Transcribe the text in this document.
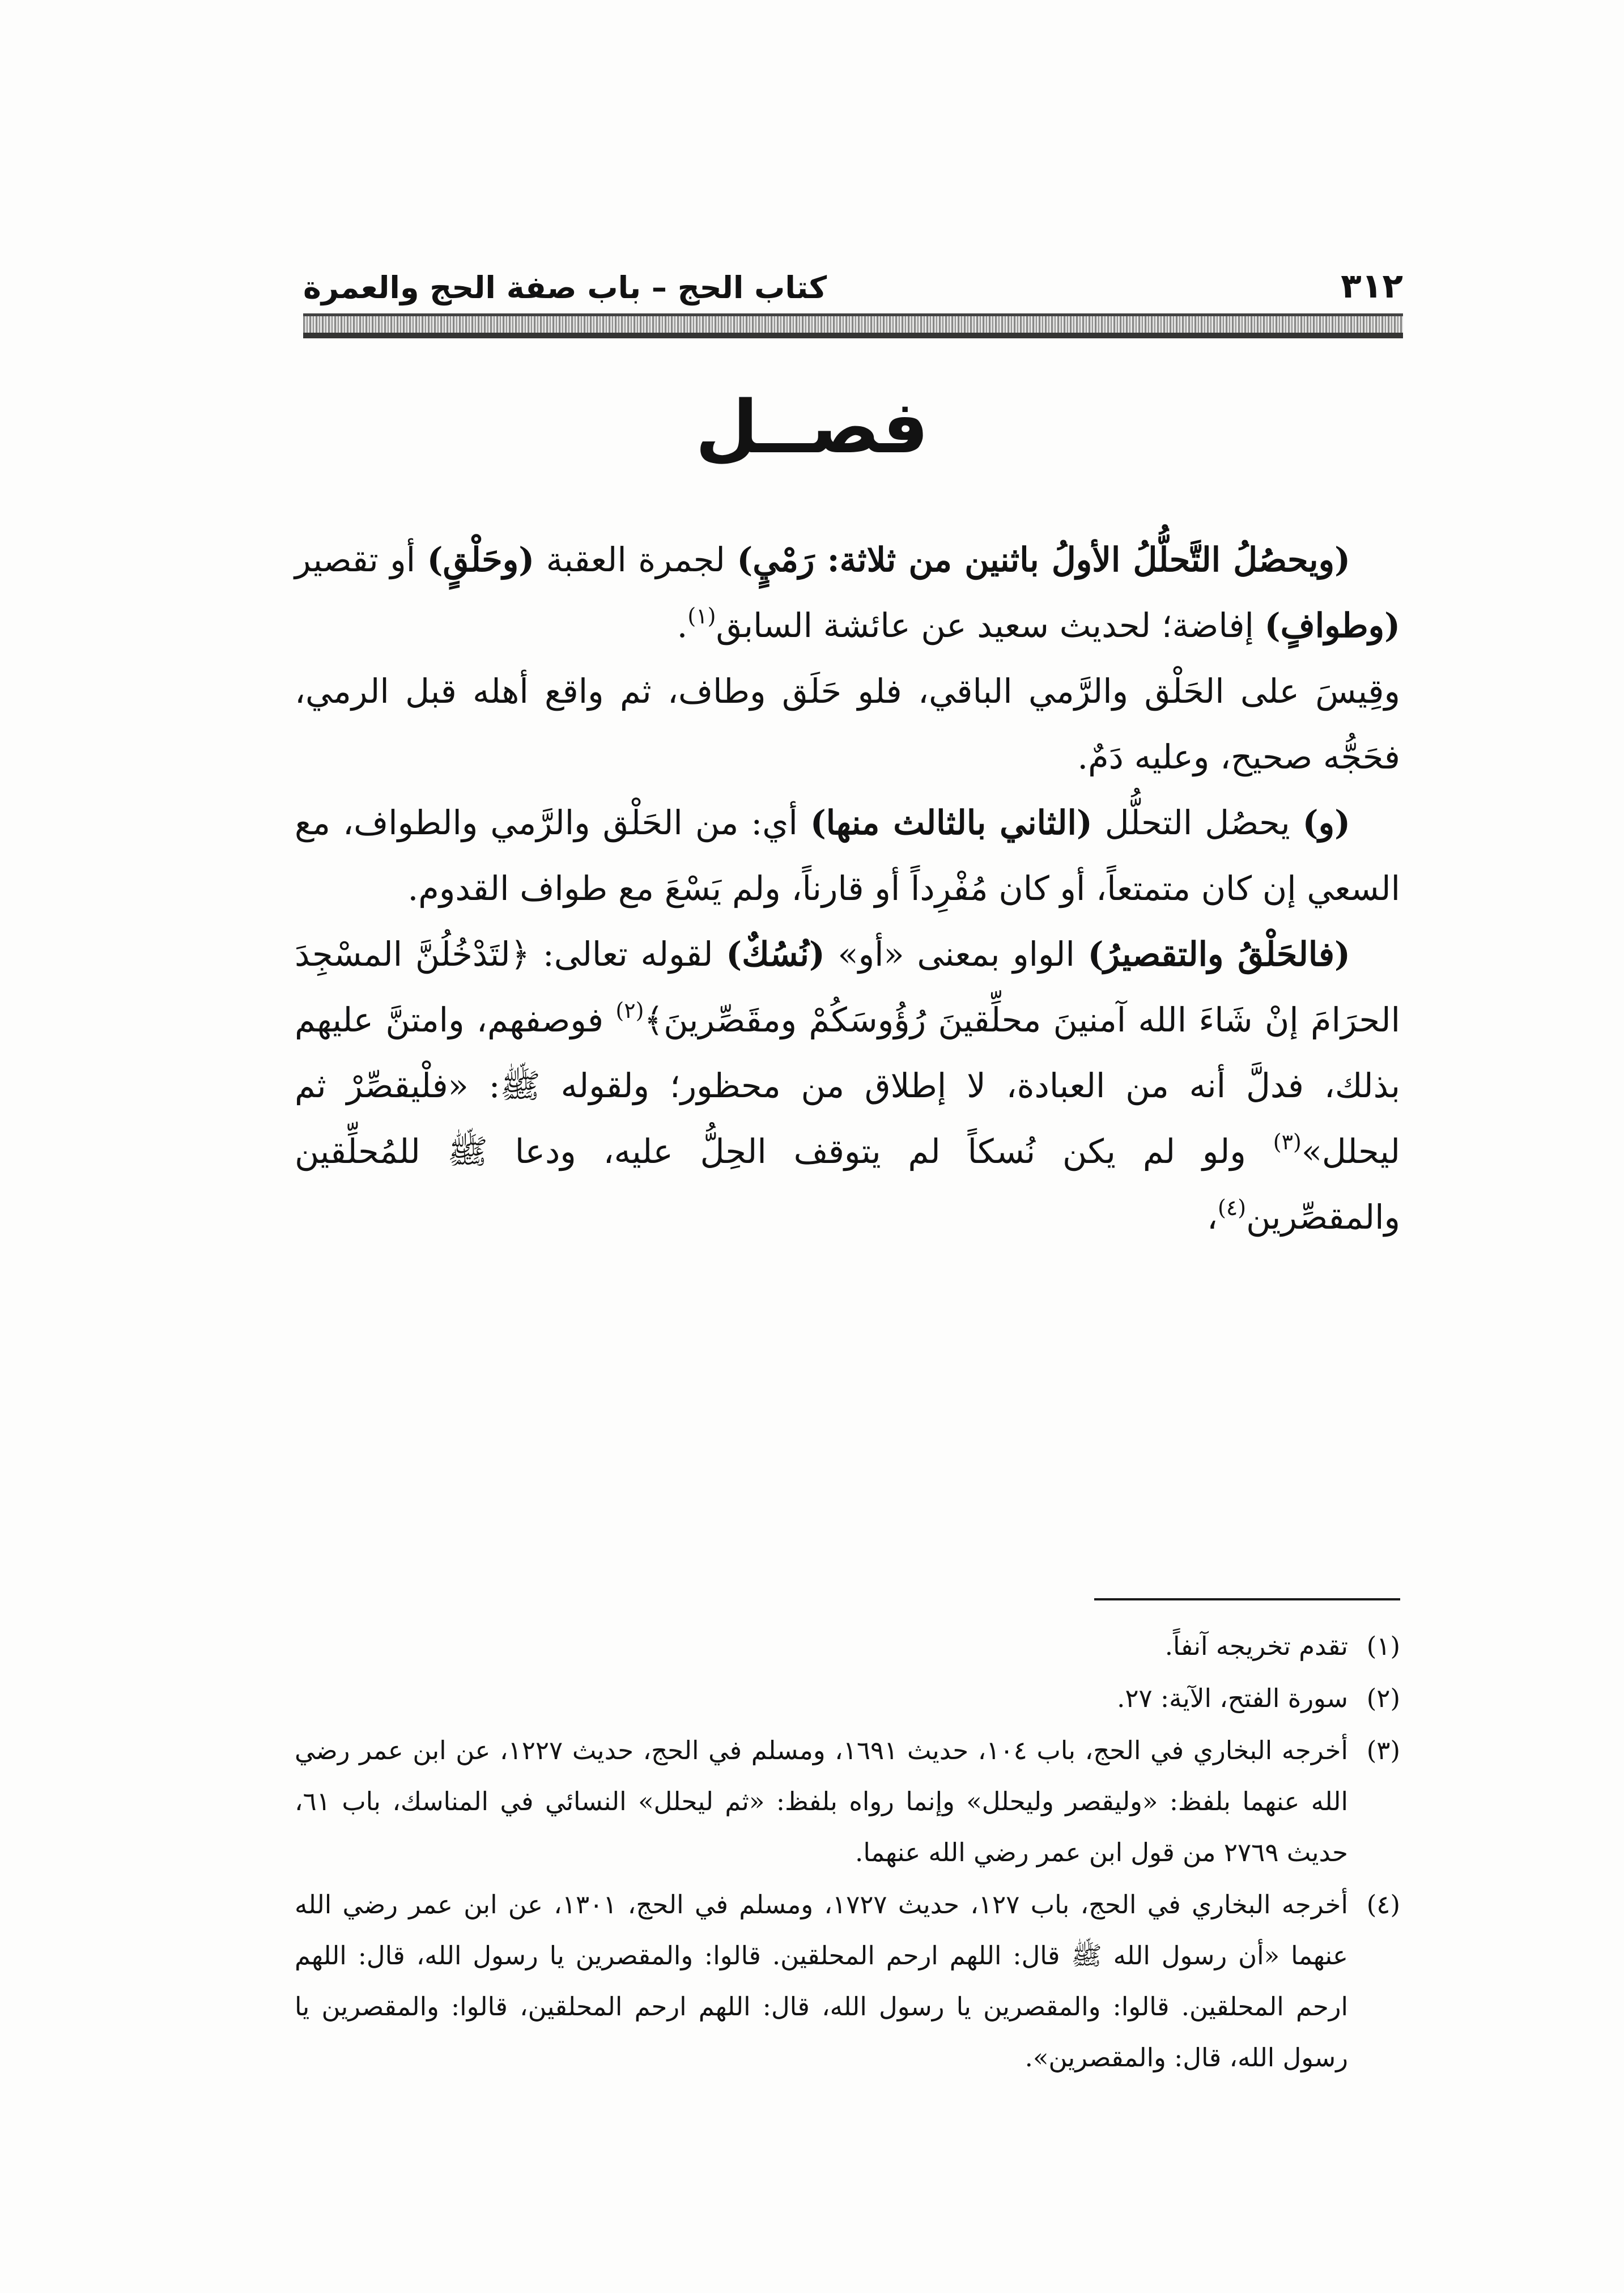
٣١٢
كتاب الحج – باب صفة الحج والعمرة
فصــل

(ويحصُلُ التَّحلُّلُ الأولُ باثنين من ثلاثة: رَمْيٍ) لجمرة العقبة (وحَلْقٍ) أو تقصير (وطوافٍ) إفاضة؛ لحديث سعيد عن عائشة السابق$^{(١)}$.

وقِيسَ على الحَلْق والرَّمي الباقي، فلو حَلَق وطاف، ثم واقع أهله قبل الرمي، فحَجُّه صحيح، وعليه دَمٌ.

(و) يحصُل التحلُّل (الثاني بالثالث منها) أي: من الحَلْق والرَّمي والطواف، مع السعي إن كان متمتعاً، أو كان مُفْرِداً أو قارناً، ولم يَسْعَ مع طواف القدوم.

(فالحَلْقُ والتقصيرُ) الواو بمعنى «أو» (نُسُكٌ) لقوله تعالى: ﴿لتَدْخُلُنَّ المسْجِدَ الحرَامَ إنْ شَاءَ الله آمنينَ محلِّقينَ رُؤُوسَكُمْ ومقَصِّرينَ﴾$^{(٢)}$ فوصفهم، وامتنَّ عليهم بذلك، فدلَّ أنه من العبادة، لا إطلاق من محظور؛ ولقوله ﷺ: «فلْيقصِّرْ ثم ليحلل»$^{(٣)}$ ولو لم يكن نُسكاً لم يتوقف الحِلُّ عليه، ودعا ﷺ للمُحلِّقين والمقصِّرين$^{(٤)}$،

(١)
تقدم تخريجه آنفاً.
(٢)
سورة الفتح، الآية: ٢٧.
(٣)
أخرجه البخاري في الحج، باب ١٠٤، حديث ١٦٩١، ومسلم في الحج، حديث ١٢٢٧، عن ابن عمر رضي الله عنهما بلفظ: «وليقصر وليحلل» وإنما رواه بلفظ: «ثم ليحلل» النسائي في المناسك، باب ٦١، حديث ٢٧٦٩ من قول ابن عمر رضي الله عنهما.
(٤)
أخرجه البخاري في الحج، باب ١٢٧، حديث ١٧٢٧، ومسلم في الحج، ١٣٠١، عن ابن عمر رضي الله عنهما «أن رسول الله ﷺ قال: اللهم ارحم المحلقين. قالوا: والمقصرين يا رسول الله، قال: اللهم ارحم المحلقين. قالوا: والمقصرين يا رسول الله، قال: اللهم ارحم المحلقين، قالوا: والمقصرين يا رسول الله، قال: والمقصرين».
